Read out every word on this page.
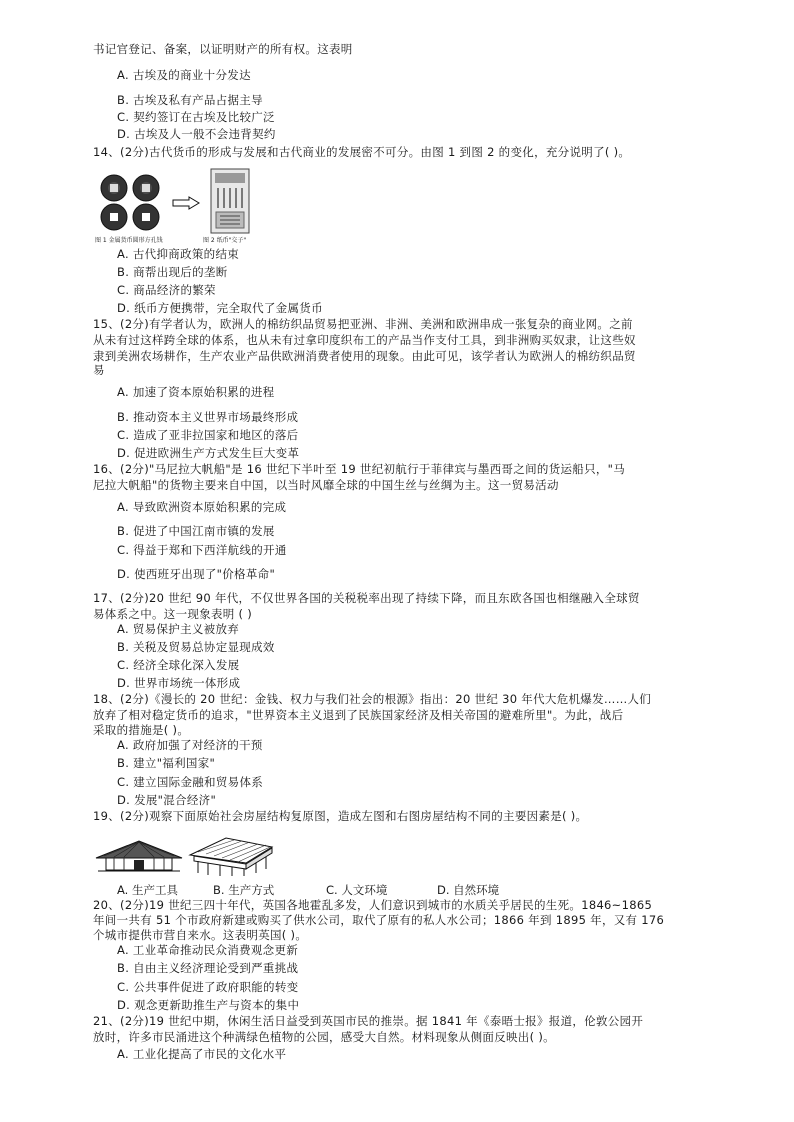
书记官登记、备案，以证明财产的所有权。这表明
A. 古埃及的商业十分发达
B. 古埃及私有产品占据主导
C. 契约签订在古埃及比较广泛
D. 古埃及人一般不会违背契约
14、(2分)古代货币的形成与发展和古代商业的发展密不可分。由图 1 到图 2 的变化，充分说明了( )。
图 1 金属货币圆形方孔钱	图 2 纸币"交子"
A. 古代抑商政策的结束
B. 商帮出现后的垄断
C. 商品经济的繁荣
D. 纸币方便携带，完全取代了金属货币
15、(2分)有学者认为，欧洲人的棉纺织品贸易把亚洲、非洲、美洲和欧洲串成一张复杂的商业网。之前
从未有过这样跨全球的体系，也从未有过拿印度织布工的产品当作支付工具，到非洲购买奴隶，让这些奴
隶到美洲农场耕作，生产农业产品供欧洲消费者使用的现象。由此可见，该学者认为欧洲人的棉纺织品贸
易
A. 加速了资本原始积累的进程
B. 推动资本主义世界市场最终形成
C. 造成了亚非拉国家和地区的落后
D. 促进欧洲生产方式发生巨大变革
16、(2分)"马尼拉大帆船"是 16 世纪下半叶至 19 世纪初航行于菲律宾与墨西哥之间的货运船只，"马
尼拉大帆船"的货物主要来自中国，以当时风靡全球的中国生丝与丝绸为主。这一贸易活动
A. 导致欧洲资本原始积累的完成
B. 促进了中国江南市镇的发展
C. 得益于郑和下西洋航线的开通
D. 使西班牙出现了"价格革命"
17、(2分)20 世纪 90 年代，不仅世界各国的关税税率出现了持续下降，而且东欧各国也相继融入全球贸
易体系之中。这一现象表明 ( )
A. 贸易保护主义被放弃
B. 关税及贸易总协定显现成效
C. 经济全球化深入发展
D. 世界市场统一体形成
18、(2分)《漫长的 20 世纪：金钱、权力与我们社会的根源》指出：20 世纪 30 年代大危机爆发……人们
放弃了相对稳定货币的追求，"世界资本主义退到了民族国家经济及相关帝国的避难所里"。为此，战后
采取的措施是( )。
A. 政府加强了对经济的干预
B. 建立"福利国家"
C. 建立国际金融和贸易体系
D. 发展"混合经济"
19、(2分)观察下面原始社会房屋结构复原图，造成左图和右图房屋结构不同的主要因素是( )。
A. 生产工具	B. 生产方式	C. 人文环境	D. 自然环境
20、(2分)19 世纪三四十年代，英国各地霍乱多发，人们意识到城市的水质关乎居民的生死。1846~1865
年间一共有 51 个市政府新建或购买了供水公司，取代了原有的私人水公司；1866 年到 1895 年，又有 176
个城市提供市营自来水。这表明英国( )。
A. 工业革命推动民众消费观念更新
B. 自由主义经济理论受到严重挑战
C. 公共事件促进了政府职能的转变
D. 观念更新助推生产与资本的集中
21、(2分)19 世纪中期，休闲生活日益受到英国市民的推崇。据 1841 年《泰晤士报》报道，伦敦公园开
放时，许多市民涌进这个种满绿色植物的公园，感受大自然。材料现象从侧面反映出( )。
A. 工业化提高了市民的文化水平
